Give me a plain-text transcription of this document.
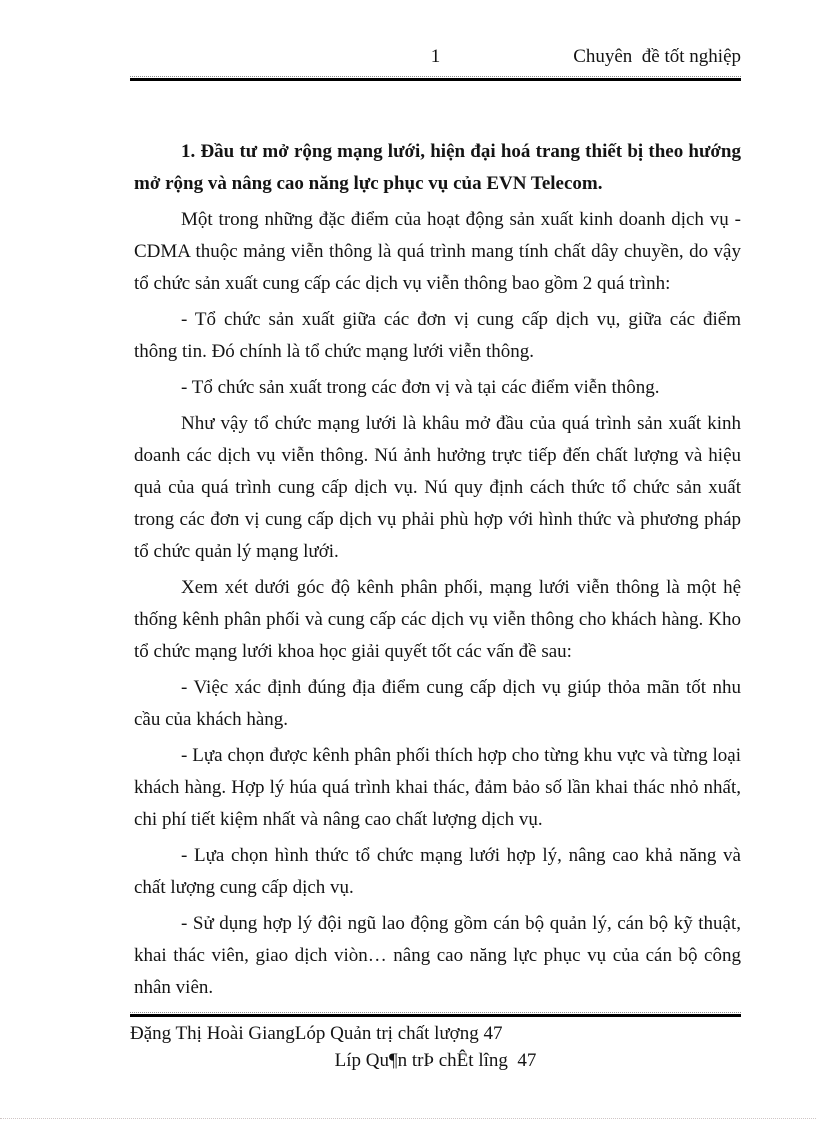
1	Chuyên  đề tốt nghiệp

1. Đầu tư mở rộng mạng lưới, hiện đại hoá trang thiết bị theo hướng mở rộng và nâng cao năng lực phục vụ của EVN Telecom.

Một trong những đặc điểm của hoạt động sản xuất kinh doanh dịch vụ - CDMA thuộc mảng viễn thông là quá trình mang tính chất dây chuyền, do vậy tổ chức sản xuất cung cấp các dịch vụ viễn thông bao gồm 2 quá trình:

- Tổ chức sản xuất giữa các đơn vị cung cấp dịch vụ, giữa các điểm thông tin. Đó chính là tổ chức mạng lưới viễn thông.

- Tổ chức sản xuất trong các đơn vị và tại các điểm viễn thông.

Như vậy tổ chức mạng lưới là khâu mở đầu của quá trình sản xuất kinh doanh các dịch vụ viễn thông. Nú ảnh hưởng trực tiếp đến chất lượng và hiệu quả của quá trình cung cấp dịch vụ. Nú quy định cách thức tổ chức sản xuất trong các đơn vị cung cấp dịch vụ phải phù hợp với hình thức và phương pháp tổ chức quản lý mạng lưới.

Xem xét dưới góc độ kênh phân phối, mạng lưới viễn thông là một hệ thống kênh phân phối và cung cấp các dịch vụ viễn thông cho khách hàng. Kho tổ chức mạng lưới khoa học giải quyết tốt các vấn đề sau:

- Việc xác định đúng địa điểm cung cấp dịch vụ giúp thỏa mãn tốt nhu cầu của khách hàng.

- Lựa chọn được kênh phân phối thích hợp cho từng khu vực và từng loại khách hàng. Hợp lý húa quá trình khai thác, đảm bảo số lần khai thác nhỏ nhất, chi phí tiết kiệm nhất và nâng cao chất lượng dịch vụ.

- Lựa chọn hình thức tổ chức mạng lưới hợp lý, nâng cao khả năng và chất lượng cung cấp dịch vụ.

- Sử dụng hợp lý đội ngũ lao động gồm cán bộ quản lý, cán bộ kỹ thuật, khai thác viên, giao dịch viòn… nâng cao năng lực phục vụ của cán bộ công nhân viên.

Đặng Thị Hoài GiangLóp Quản trị chất lượng 47
Líp Qu¶n trÞ chÊt lîng  47
